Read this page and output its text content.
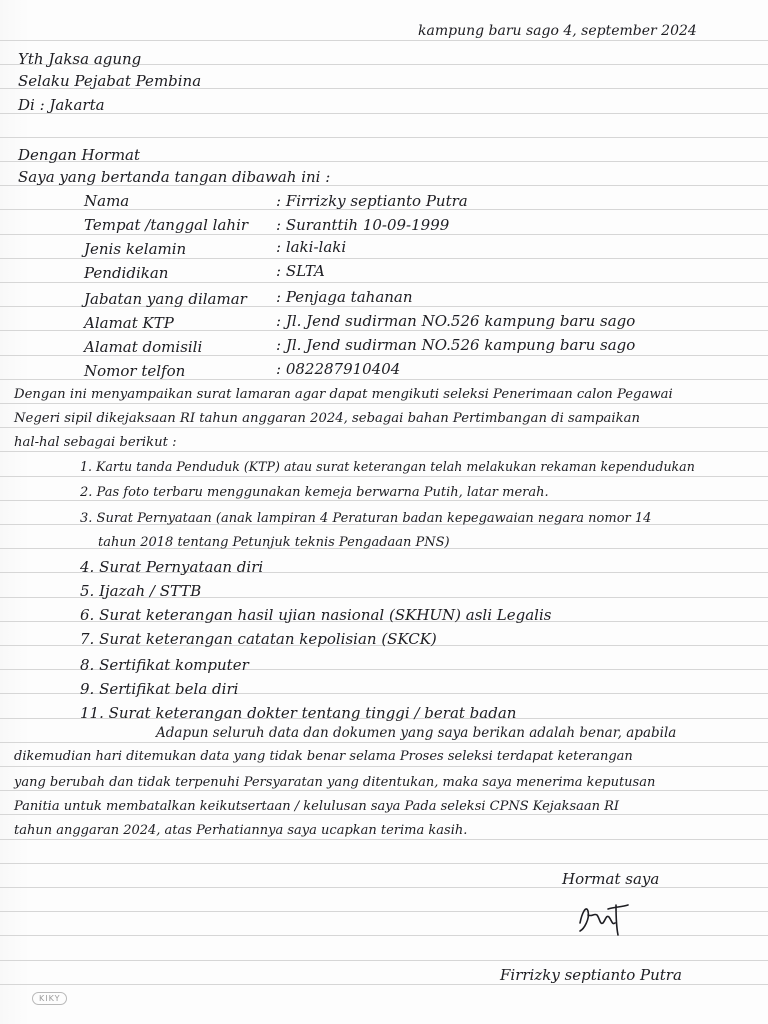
kampung baru sago 4, september 2024
Yth Jaksa agung
Selaku Pejabat Pembina
Di : Jakarta
Dengan Hormat
Saya yang bertanda tangan dibawah ini :
Nama	: Firrizky septianto Putra
Tempat /tanggal lahir : Suranttih 10-09-1999
Jenis kelamin	: laki-laki
Pendidikan	: SLTA
Jabatan yang dilamar : Penjaga tahanan
Alamat KTP	: Jl. Jend sudirman NO.526 kampung baru sago
Alamat domisili	: Jl. Jend sudirman NO.526 kampung baru sago
Nomor telfon	: 082287910404
Dengan ini menyampaikan surat lamaran agar dapat mengikuti seleksi Penerimaan calon Pegawai
Negeri sipil dikejaksaan RI tahun anggaran 2024, sebagai bahan Pertimbangan di sampaikan
hal-hal sebagai berikut :
1. Kartu tanda Penduduk (KTP) atau surat keterangan telah melakukan rekaman kependudukan
2. Pas foto terbaru menggunakan kemeja berwarna Putih, latar merah.
3. Surat Pernyataan (anak lampiran 4 Peraturan badan kepegawaian negara nomor 14
tahun 2018 tentang Petunjuk teknis Pengadaan PNS)
4. Surat Pernyataan diri
5. Ijazah / STTB
6. Surat keterangan hasil ujian nasional (SKHUN) asli Legalis
7. Surat keterangan catatan kepolisian (SKCK)
8. Sertifikat komputer
9. Sertifikat bela diri
11. Surat keterangan dokter tentang tinggi / berat badan
Adapun seluruh data dan dokumen yang saya berikan adalah benar, apabila
dikemudian hari ditemukan data yang tidak benar selama Proses seleksi terdapat keterangan
yang berubah dan tidak terpenuhi Persyaratan yang ditentukan, maka saya menerima keputusan
Panitia untuk membatalkan keikutsertaan / kelulusan saya Pada seleksi CPNS Kejaksaan RI
tahun anggaran 2024, atas Perhatiannya saya ucapkan terima kasih.
Hormat saya
Firrizky septianto Putra
KIKY
